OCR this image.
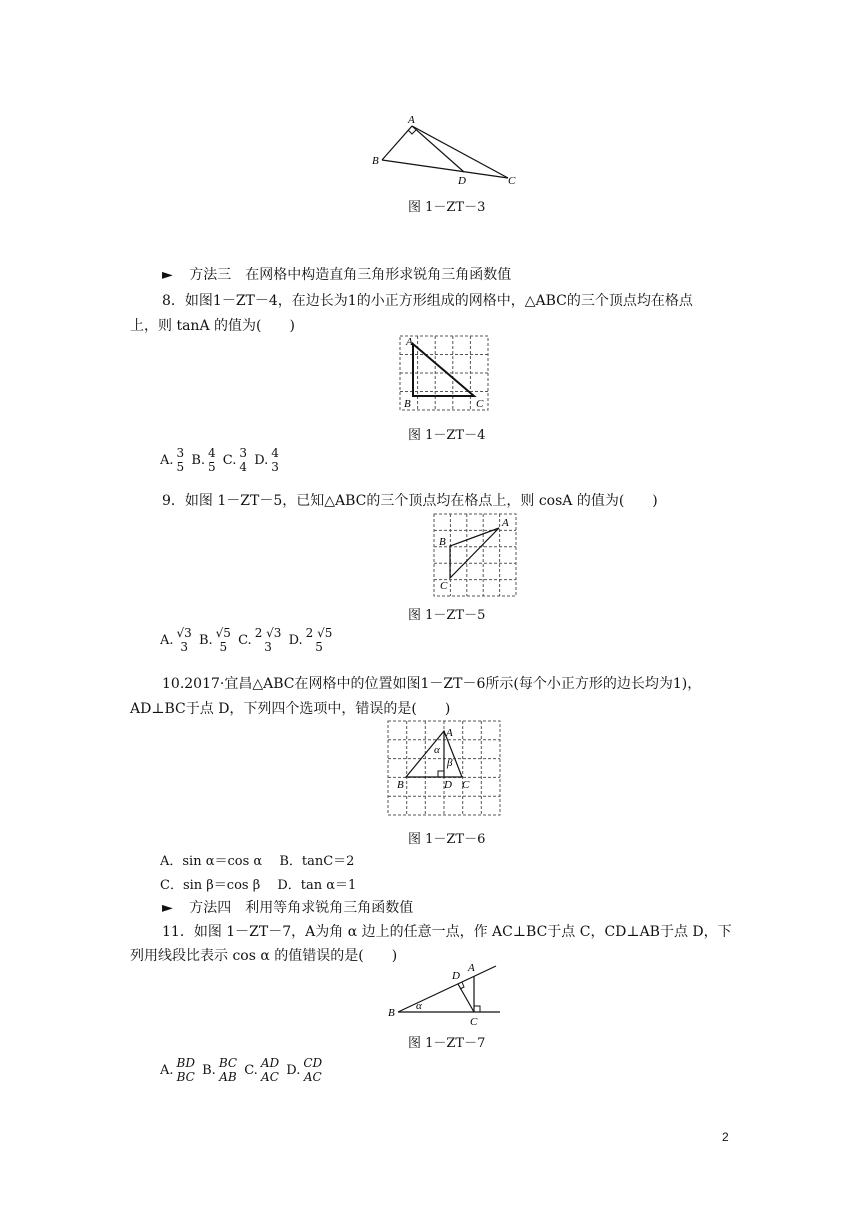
A
B
D	C
图 1－ZT－3
► 方法三　在网格中构造直角三角形求锐角三角函数值
8．如图1－ZT－4，在边长为1的小正方形组成的网格中，△ABC的三个顶点均在格点
上，则 tanA 的值为(　　)
A
B	C
图 1－ZT－4
A. 3
5 B. 4
5 C. 3
4 D. 4
3
9．如图 1－ZT－5，已知△ABC的三个顶点均在格点上，则 cosA 的值为(　　)
A
B
C
图 1－ZT－5
A. √3
3 B. √5
5 C. 2 √3
3	D. 2 √5
5
10.2017·宜昌△ABC在网格中的位置如图1－ZT－6所示(每个小正方形的边长均为1)，
AD⊥BC于点 D，下列四个选项中，错误的是(　　)
A
B	D C
α
β
图 1－ZT－6
A．sin α＝cos α　 B．tanC＝2
C．sin β＝cos β　 D．tan α＝1
► 方法四　利用等角求锐角三角函数值
11．如图 1－ZT－7，A为角 α 边上的任意一点，作 AC⊥BC于点 C，CD⊥AB于点 D，下
列用线段比表示 cos α 的值错误的是(　　)
A
D
B
C
α
图 1－ZT－7
A. BD
BC B. BC
AB C. AD
AC D. CD
AC
2
